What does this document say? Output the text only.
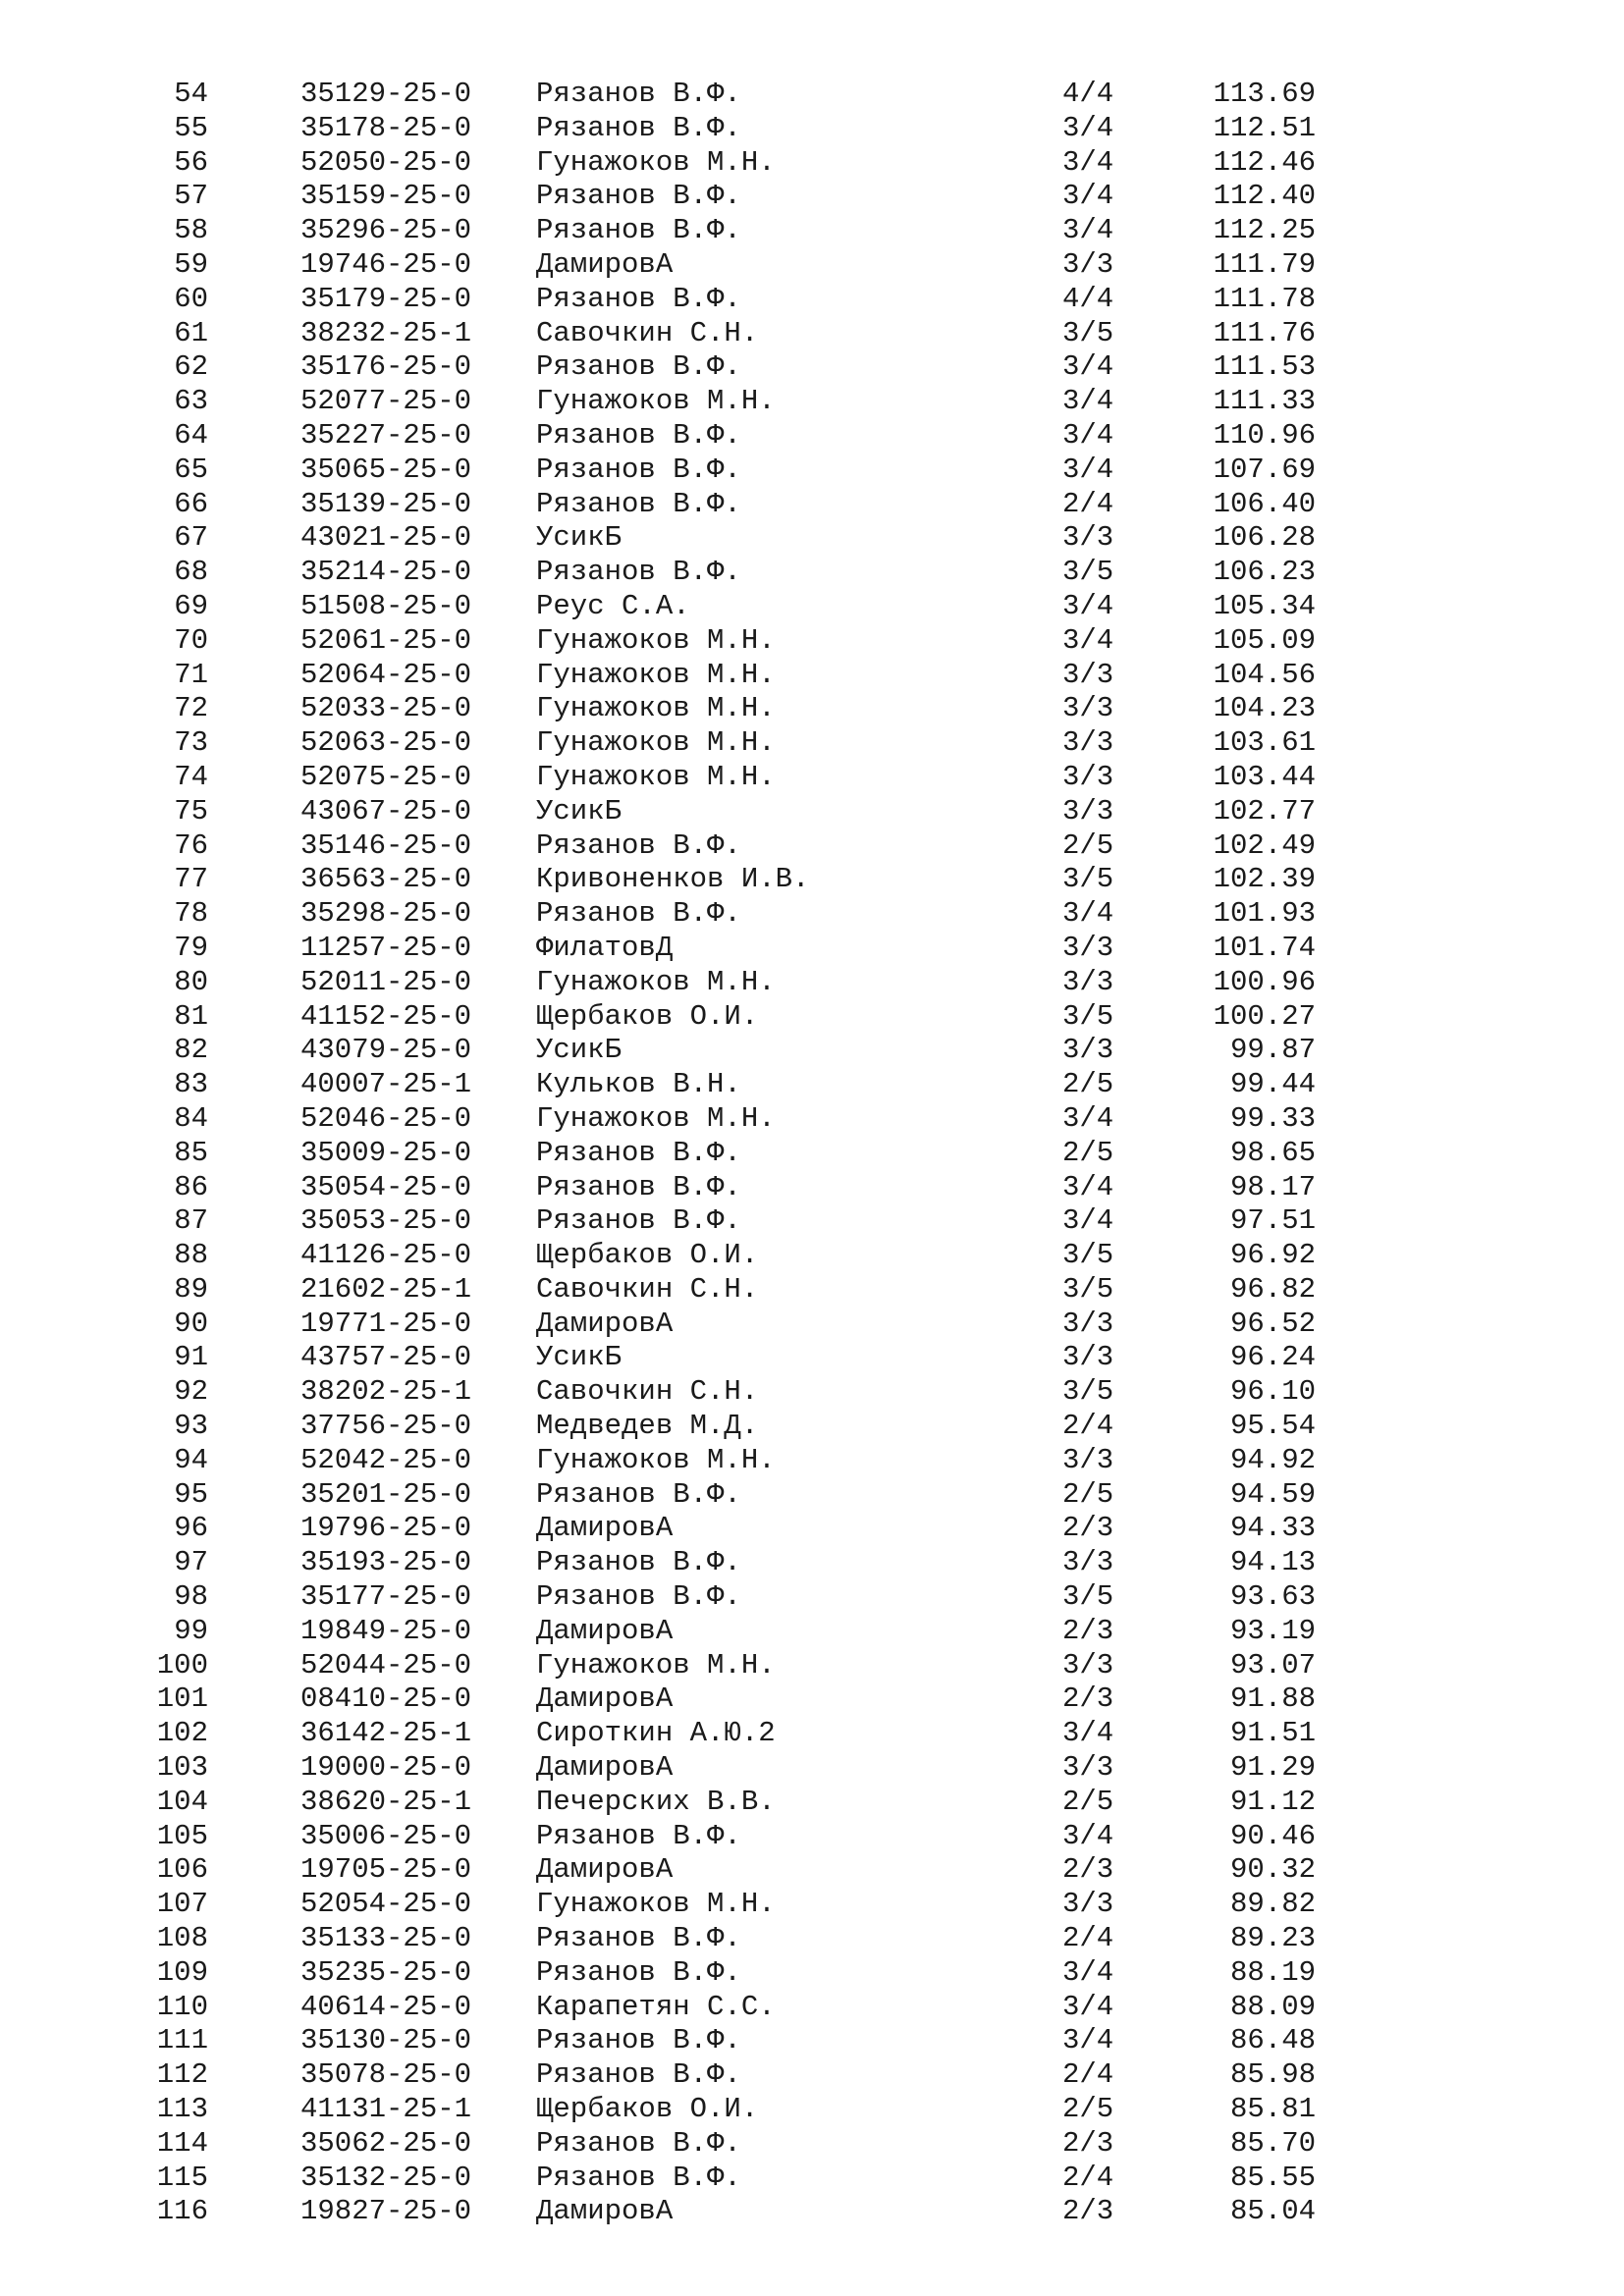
54	35129-25-0 Рязанов В.Ф.	4/4	113.69
55	35178-25-0 Рязанов В.Ф.	3/4	112.51
56	52050-25-0 Гунажоков М.Н.	3/4	112.46
57	35159-25-0 Рязанов В.Ф.	3/4	112.40
58	35296-25-0 Рязанов В.Ф.	3/4	112.25
59	19746-25-0 ДамировА	3/3	111.79
60	35179-25-0 Рязанов В.Ф.	4/4	111.78
61	38232-25-1 Савочкин С.Н.	3/5	111.76
62	35176-25-0 Рязанов В.Ф.	3/4	111.53
63	52077-25-0 Гунажоков М.Н.	3/4	111.33
64	35227-25-0 Рязанов В.Ф.	3/4	110.96
65	35065-25-0 Рязанов В.Ф.	3/4	107.69
66	35139-25-0 Рязанов В.Ф.	2/4	106.40
67	43021-25-0 УсикБ	3/3	106.28
68	35214-25-0 Рязанов В.Ф.	3/5	106.23
69	51508-25-0 Реус С.А.	3/4	105.34
70	52061-25-0 Гунажоков М.Н.	3/4	105.09
71	52064-25-0 Гунажоков М.Н.	3/3	104.56
72	52033-25-0 Гунажоков М.Н.	3/3	104.23
73	52063-25-0 Гунажоков М.Н.	3/3	103.61
74	52075-25-0 Гунажоков М.Н.	3/3	103.44
75	43067-25-0 УсикБ	3/3	102.77
76	35146-25-0 Рязанов В.Ф.	2/5	102.49
77	36563-25-0 Кривоненков И.В.	3/5	102.39
78	35298-25-0 Рязанов В.Ф.	3/4	101.93
79	11257-25-0 ФилатовД	3/3	101.74
80	52011-25-0 Гунажоков М.Н.	3/3	100.96
81	41152-25-0 Щербаков О.И.	3/5	100.27
82	43079-25-0 УсикБ	3/3	99.87
83	40007-25-1 Кульков В.Н.	2/5	99.44
84	52046-25-0 Гунажоков М.Н.	3/4	99.33
85	35009-25-0 Рязанов В.Ф.	2/5	98.65
86	35054-25-0 Рязанов В.Ф.	3/4	98.17
87	35053-25-0 Рязанов В.Ф.	3/4	97.51
88	41126-25-0 Щербаков О.И.	3/5	96.92
89	21602-25-1 Савочкин С.Н.	3/5	96.82
90	19771-25-0 ДамировА	3/3	96.52
91	43757-25-0 УсикБ	3/3	96.24
92	38202-25-1 Савочкин С.Н.	3/5	96.10
93	37756-25-0 Медведев М.Д.	2/4	95.54
94	52042-25-0 Гунажоков М.Н.	3/3	94.92
95	35201-25-0 Рязанов В.Ф.	2/5	94.59
96	19796-25-0 ДамировА	2/3	94.33
97	35193-25-0 Рязанов В.Ф.	3/3	94.13
98	35177-25-0 Рязанов В.Ф.	3/5	93.63
99	19849-25-0 ДамировА	2/3	93.19
100	52044-25-0 Гунажоков М.Н.	3/3	93.07
101	08410-25-0 ДамировА	2/3	91.88
102	36142-25-1 Сироткин А.Ю.2	3/4	91.51
103	19000-25-0 ДамировА	3/3	91.29
104	38620-25-1 Печерских В.В.	2/5	91.12
105	35006-25-0 Рязанов В.Ф.	3/4	90.46
106	19705-25-0 ДамировА	2/3	90.32
107	52054-25-0 Гунажоков М.Н.	3/3	89.82
108	35133-25-0 Рязанов В.Ф.	2/4	89.23
109	35235-25-0 Рязанов В.Ф.	3/4	88.19
110	40614-25-0 Карапетян С.С.	3/4	88.09
111	35130-25-0 Рязанов В.Ф.	3/4	86.48
112	35078-25-0 Рязанов В.Ф.	2/4	85.98
113	41131-25-1 Щербаков О.И.	2/5	85.81
114	35062-25-0 Рязанов В.Ф.	2/3	85.70
115	35132-25-0 Рязанов В.Ф.	2/4	85.55
116	19827-25-0 ДамировА	2/3	85.04
